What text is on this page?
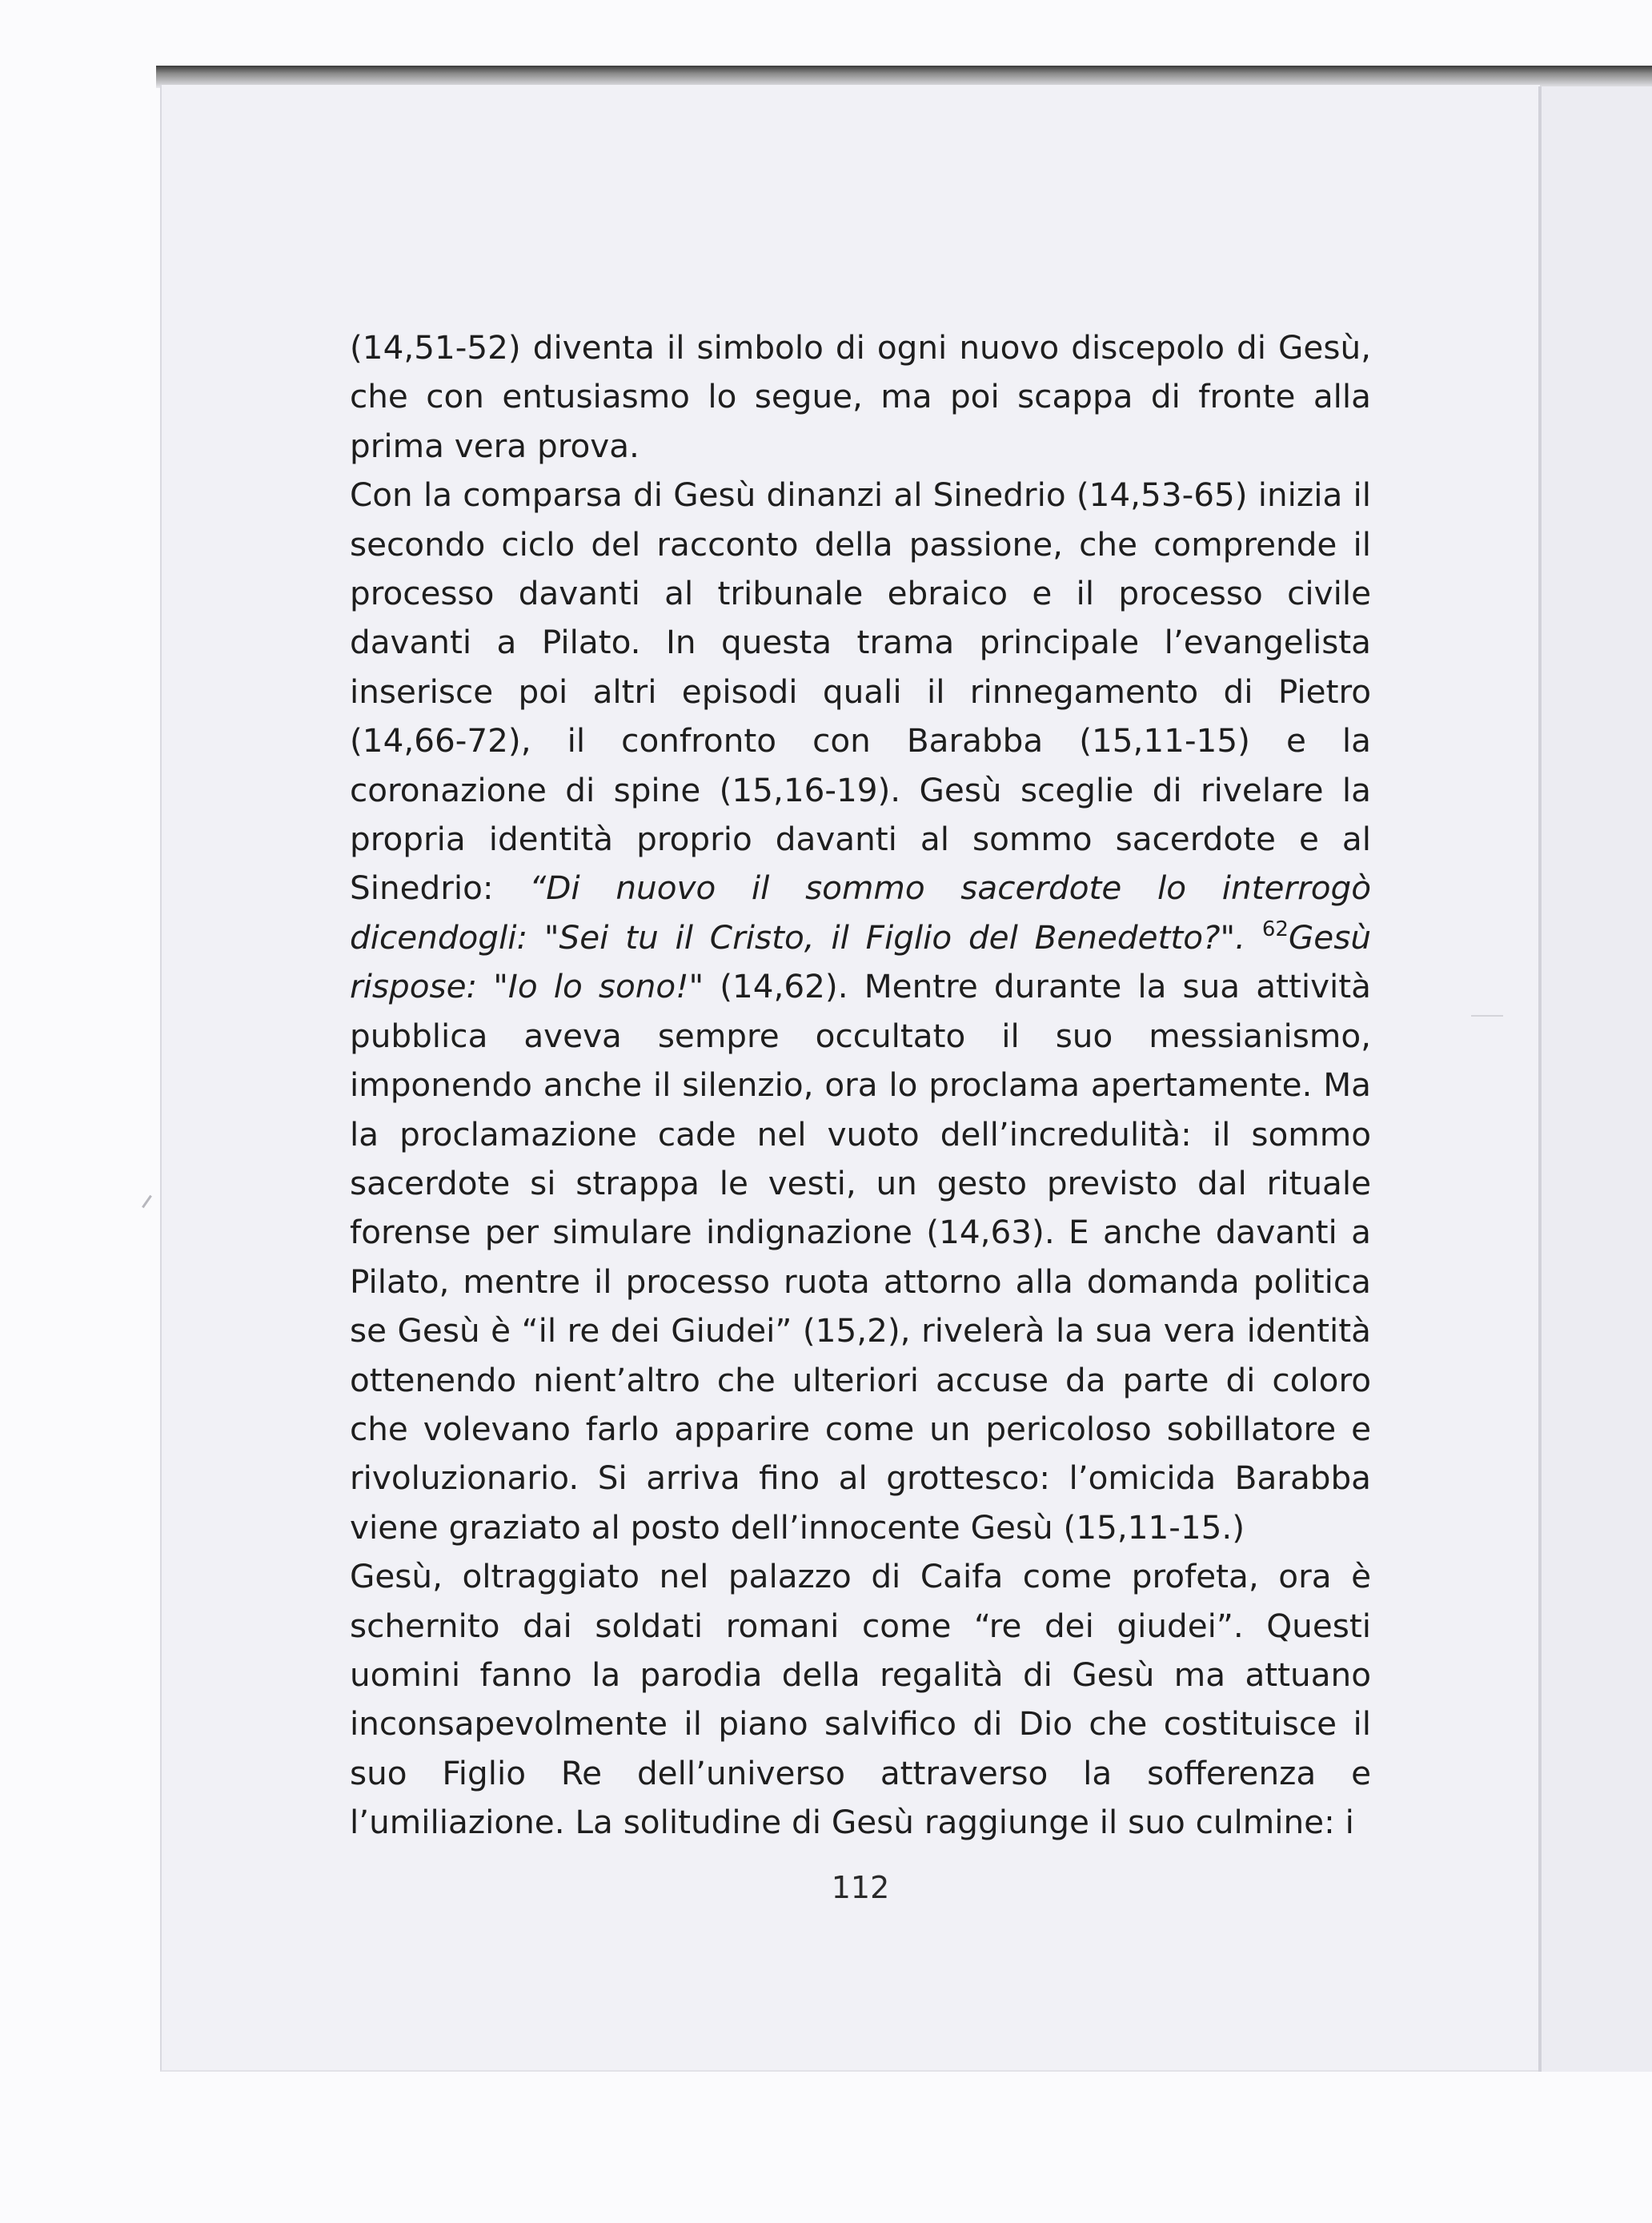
(14,51-52) diventa il simbolo di ogni nuovo discepolo di Gesù, che con entusiasmo lo segue, ma poi scappa di fronte alla prima vera prova.

Con la comparsa di Gesù dinanzi al Sinedrio (14,53-65) inizia il secondo ciclo del racconto della passione, che comprende il processo davanti al tribunale ebraico e il processo civile davanti a Pilato. In questa trama principale l’evangelista inserisce poi altri episodi quali il rinnegamento di Pietro (14,66-72), il confronto con Barabba (15,11-15) e la coronazione di spine (15,16-19). Gesù sceglie di rivelare la propria identità proprio davanti al sommo sacerdote e al Sinedrio: “Di nuovo il sommo sacerdote lo interrogò dicendogli: "Sei tu il Cristo, il Figlio del Benedetto?". $^{62}$Gesù rispose: "Io lo sono!" (14,62). Mentre durante la sua attività pubblica aveva sempre occultato il suo messianismo, imponendo anche il silenzio, ora lo proclama apertamente. Ma la proclamazione cade nel vuoto dell’incredulità: il sommo sacerdote si strappa le vesti, un gesto previsto dal rituale forense per simulare indignazione (14,63). E anche davanti a Pilato, mentre il processo ruota attorno alla domanda politica se Gesù è “il re dei Giudei” (15,2), rivelerà la sua vera identità ottenendo nient’altro che ulteriori accuse da parte di coloro che volevano farlo apparire come un pericoloso sobillatore e rivoluzionario. Si arriva fino al grottesco: l’omicida Barabba viene graziato al posto dell’innocente Gesù (15,11-15.)

Gesù, oltraggiato nel palazzo di Caifa come profeta, ora è schernito dai soldati romani come “re dei giudei”. Questi uomini fanno la parodia della regalità di Gesù ma attuano inconsapevolmente il piano salvifico di Dio che costituisce il suo Figlio Re dell’universo attraverso la sofferenza e l’umiliazione. La solitudine di Gesù raggiunge il suo culmine: i

112
